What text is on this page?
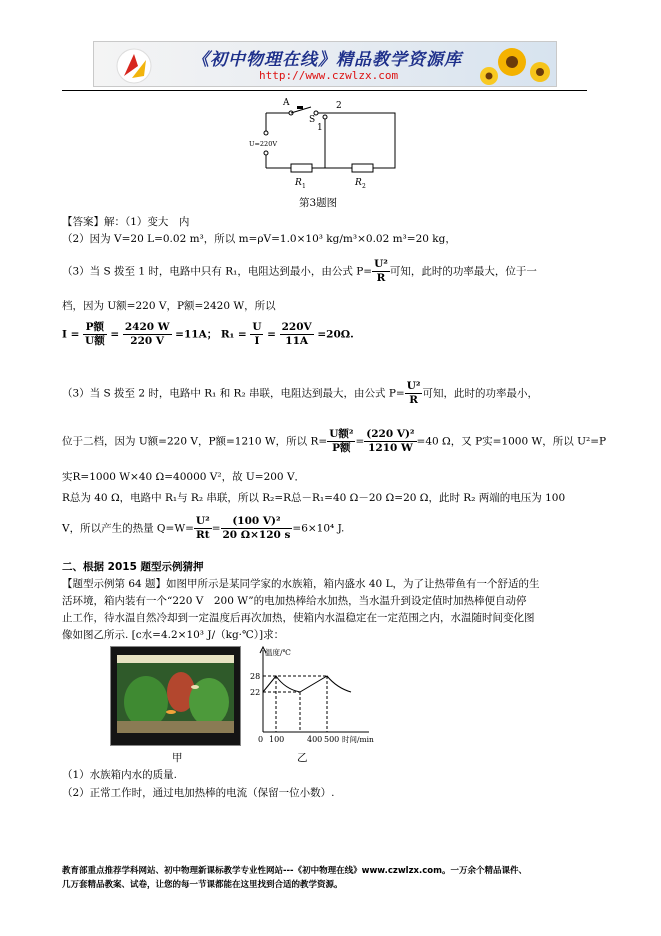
《初中物理在线》精品教学资源库
http://www.czwlzx.com
A
S
1
2
U=220V
R 1	R 2
第3题图
【答案】解：（1）变大　内
（2）因为 V=20 L=0.02 m³，所以 m=ρV=1.0×10³ kg/m³×0.02 m³=20 kg，
（3）当 S 拨至 1 时，电路中只有 R₁，电阻达到最小，由公式 $P= \frac{\text{U²}}{R}$ 可知，此时的功率最大，位于一
档，因为 U额=220 V，P额=2420 W，所以
$I = \frac{\text{P额}}{\text{U额}} = \frac{2420 W}{220 V} =11A$； $R_1 = \frac{U}{I} = \frac{220V}{11A} =20\Omega$.
（3）当 S 拨至 2 时，电路中 R₁ 和 R₂ 串联，电阻达到最大，由公式 $P= \frac{\text{U²}}{R}$ 可知，此时的功率最小，
位于二档，因为 U额=220 V，P额=1210 W，所以 $R= \frac{\text{U额²}}{\text{P额}} = \frac{\text{(220 V)²}}{1210 W} =40$ Ω，又 P实=1000 W，所以 U²=P
实R=1000 W×40 Ω=40000 V²，故 U=200 V．
R总为 40 Ω，电路中 R₁与 R₂ 串联，所以 R₂=R总－R₁=40 Ω－20 Ω=20 Ω，此时 R₂ 两端的电压为 100
V，所以产生的热量 $Q=W= \frac{\text{U²}}{Rt} = \frac{\text{(100 V)²}}{20 \Omega\times 120 s} =6\times 10^4$ J.
二、根据 2015 题型示例猜押
【题型示例第 64 题】如图甲所示是某同学家的水族箱，箱内盛水 40 L，为了让热带鱼有一个舒适的生
活环境，箱内装有一个“220 V　200 W”的电加热棒给水加热，当水温升到设定值时加热棒便自动停
止工作，待水温自然冷却到一定温度后再次加热，使箱内水温稳定在一定范围之内，水温随时间变化图
像如图乙所示. [c水=4.2×10³ J/（kg·℃）]求：
甲
温度/℃
28
22
0 100	400 500 时间/min
乙
（1）水族箱内水的质量.
（2）正常工作时，通过电加热棒的电流（保留一位小数）.
教育部重点推荐学科网站、初中物理新课标教学专业性网站---《初中物理在线》www.czwlzx.com。一万余个精品课件、
几万套精品教案、试卷，让您的每一节课都能在这里找到合适的教学资源。
